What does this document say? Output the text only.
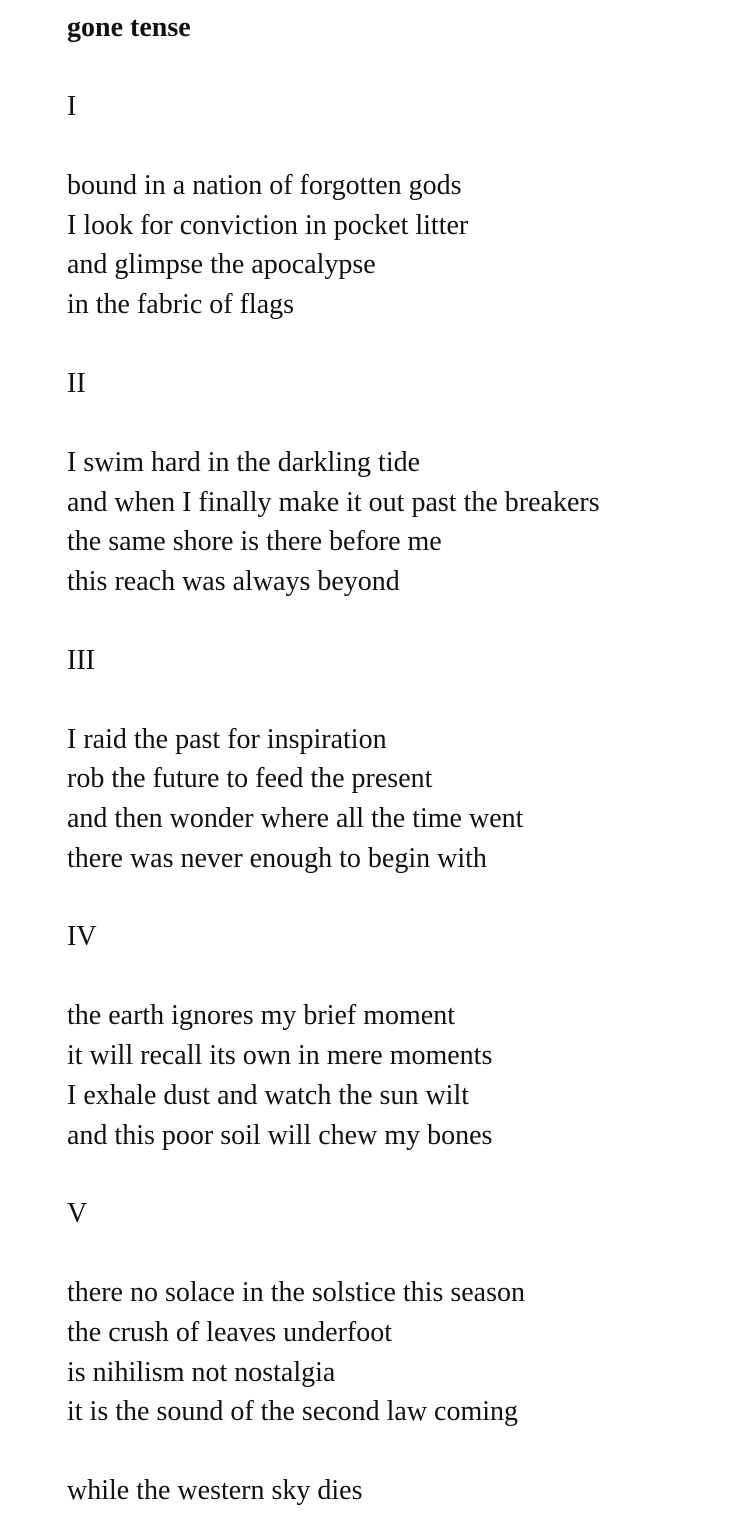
gone tense
I
bound in a nation of forgotten gods
I look for conviction in pocket litter
and glimpse the apocalypse
in the fabric of flags
II
I swim hard in the darkling tide
and when I finally make it out past the breakers
the same shore is there before me
this reach was always beyond
III
I raid the past for inspiration
rob the future to feed the present
and then wonder where all the time went
there was never enough to begin with
IV
the earth ignores my brief moment
it will recall its own in mere moments
I exhale dust and watch the sun wilt
and this poor soil will chew my bones
V
there no solace in the solstice this season
the crush of leaves underfoot
is nihilism not nostalgia
it is the sound of the second law coming
while the western sky dies
